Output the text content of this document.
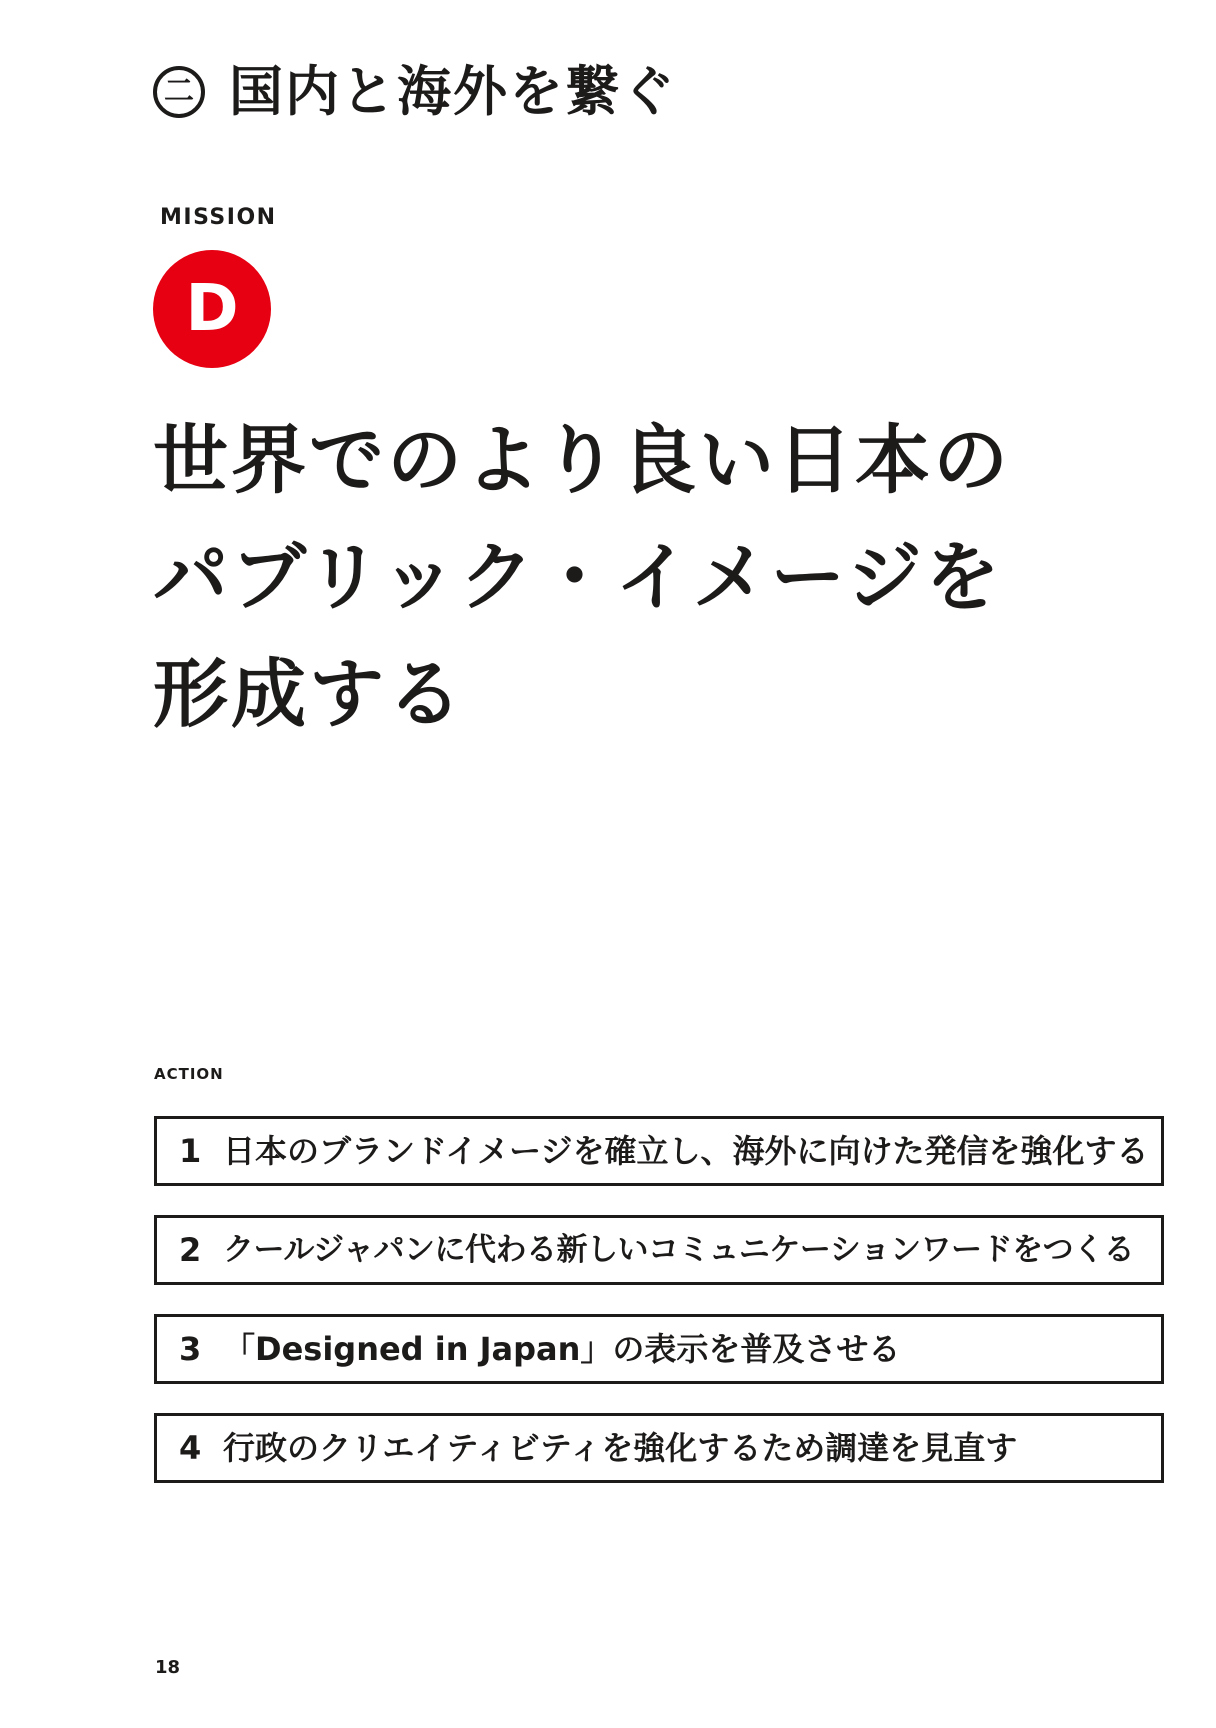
二 国内と海外を繋ぐ
MISSION
D
世界でのより良い日本の
パブリック・イメージを
形成する
ACTION
1 日本のブランドイメージを確立し、海外に向けた発信を強化する
2 クールジャパンに代わる新しいコミュニケーションワードをつくる
3 「Designed in Japan」の表示を普及させる
4 行政のクリエイティビティを強化するため調達を見直す
18
